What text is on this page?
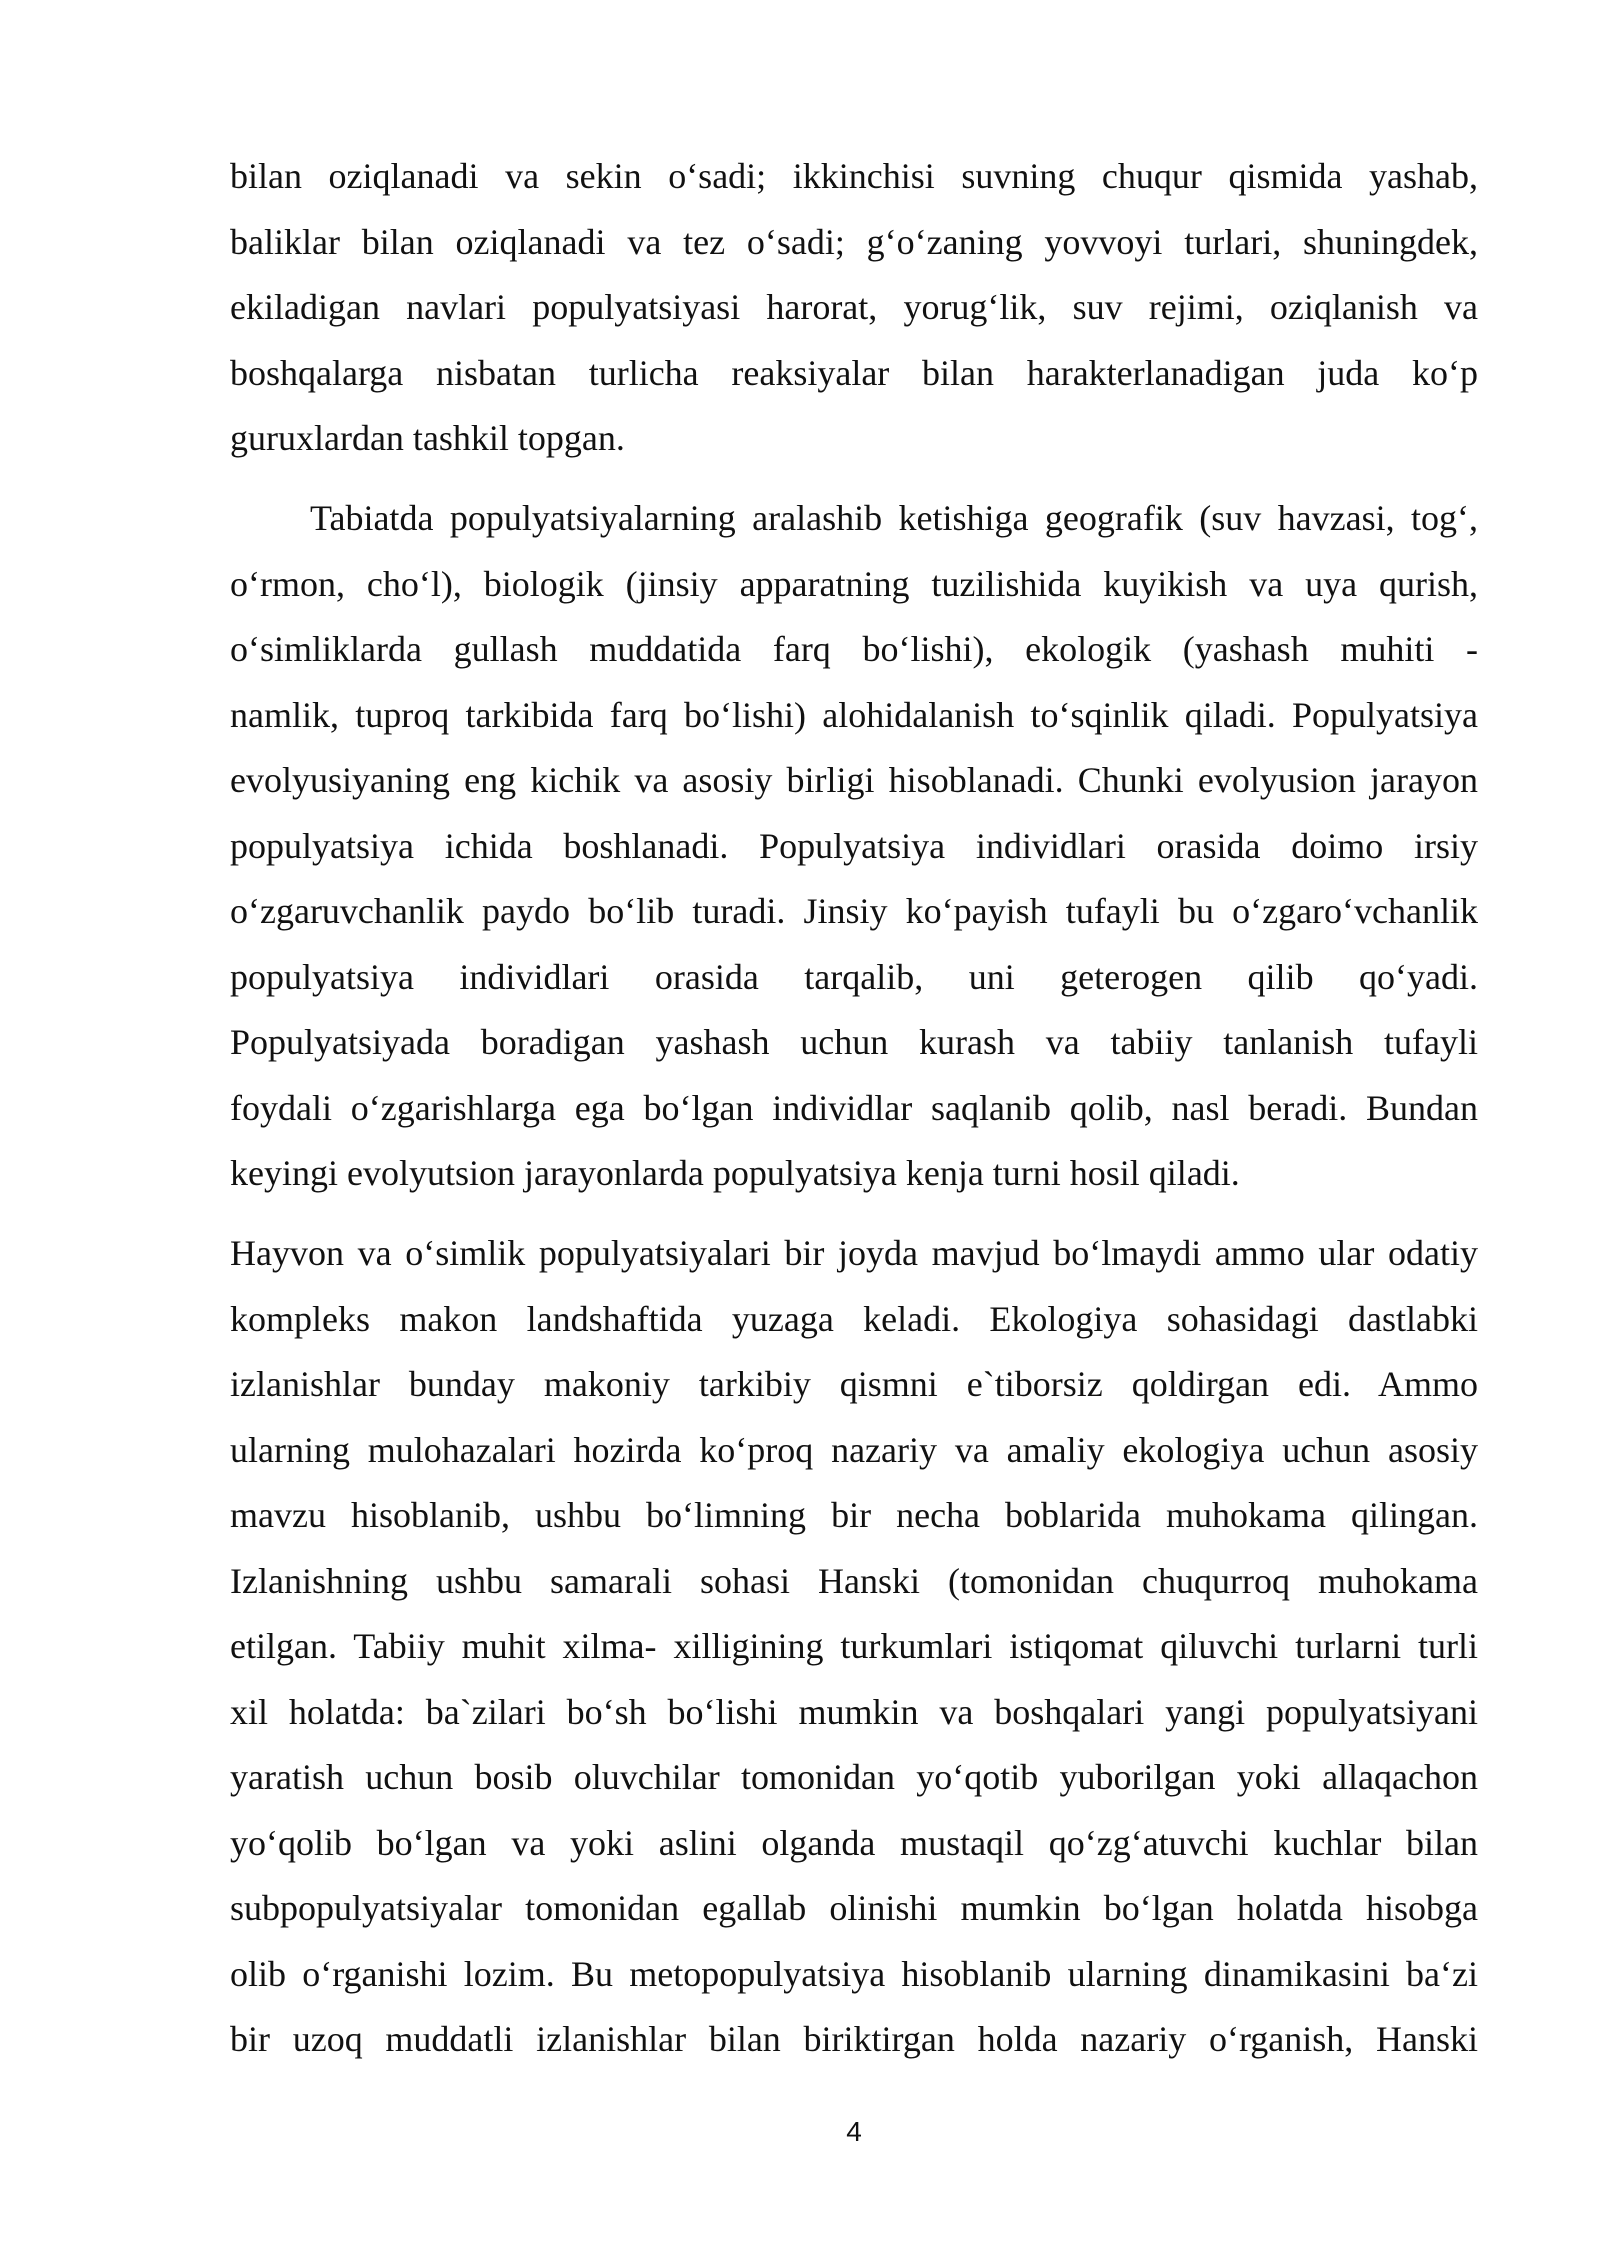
bilan oziqlanadi va sekin o‘sadi; ikkinchisi suvning chuqur qismida yashab,
baliklar bilan oziqlanadi va tez o‘sadi; g‘o‘zaning yovvoyi turlari, shuningdek,
ekiladigan navlari populyatsiyasi harorat, yorug‘lik, suv rejimi, oziqlanish va
boshqalarga nisbatan turlicha reaksiyalar bilan harakterlanadigan juda ko‘p
guruxlardan tashkil topgan.
Tabiatda populyatsiyalarning aralashib ketishiga geografik (suv havzasi, tog‘,
o‘rmon, cho‘l), biologik (jinsiy apparatning tuzilishida kuyikish va uya qurish,
o‘simliklarda gullash muddatida farq bo‘lishi), ekologik (yashash muhiti -
namlik, tuproq tarkibida farq bo‘lishi) alohidalanish to‘sqinlik qiladi. Populyatsiya
evolyusiyaning eng kichik va asosiy birligi hisoblanadi. Chunki evolyusion jarayon
populyatsiya ichida boshlanadi. Populyatsiya individlari orasida doimo irsiy
o‘zgaruvchanlik paydo bo‘lib turadi. Jinsiy ko‘payish tufayli bu o‘zgaro‘vchanlik
populyatsiya individlari orasida tarqalib, uni geterogen qilib qo‘yadi.
Populyatsiyada boradigan yashash uchun kurash va tabiiy tanlanish tufayli
foydali o‘zgarishlarga ega bo‘lgan individlar saqlanib qolib, nasl beradi. Bundan
keyingi evolyutsion jarayonlarda populyatsiya kenja turni hosil qiladi.
Hayvon va o‘simlik populyatsiyalari bir joyda mavjud bo‘lmaydi ammo ular odatiy
kompleks makon landshaftida yuzaga keladi. Ekologiya sohasidagi dastlabki
izlanishlar bunday makoniy tarkibiy qismni e`tiborsiz qoldirgan edi. Ammo
ularning mulohazalari hozirda ko‘proq nazariy va amaliy ekologiya uchun asosiy
mavzu hisoblanib, ushbu bo‘limning bir necha boblarida muhokama qilingan.
Izlanishning ushbu samarali sohasi Hanski (tomonidan chuqurroq muhokama
etilgan. Tabiiy muhit xilma- xilligining turkumlari istiqomat qiluvchi turlarni turli
xil holatda: ba`zilari bo‘sh bo‘lishi mumkin va boshqalari yangi populyatsiyani
yaratish uchun bosib oluvchilar tomonidan yo‘qotib yuborilgan yoki allaqachon
yo‘qolib bo‘lgan va yoki aslini olganda mustaqil qo‘zg‘atuvchi kuchlar bilan
subpopulyatsiyalar tomonidan egallab olinishi mumkin bo‘lgan holatda hisobga
olib o‘rganishi lozim. Bu metopopulyatsiya hisoblanib ularning dinamikasini ba‘zi
bir uzoq muddatli izlanishlar bilan biriktirgan holda nazariy o‘rganish, Hanski
4
